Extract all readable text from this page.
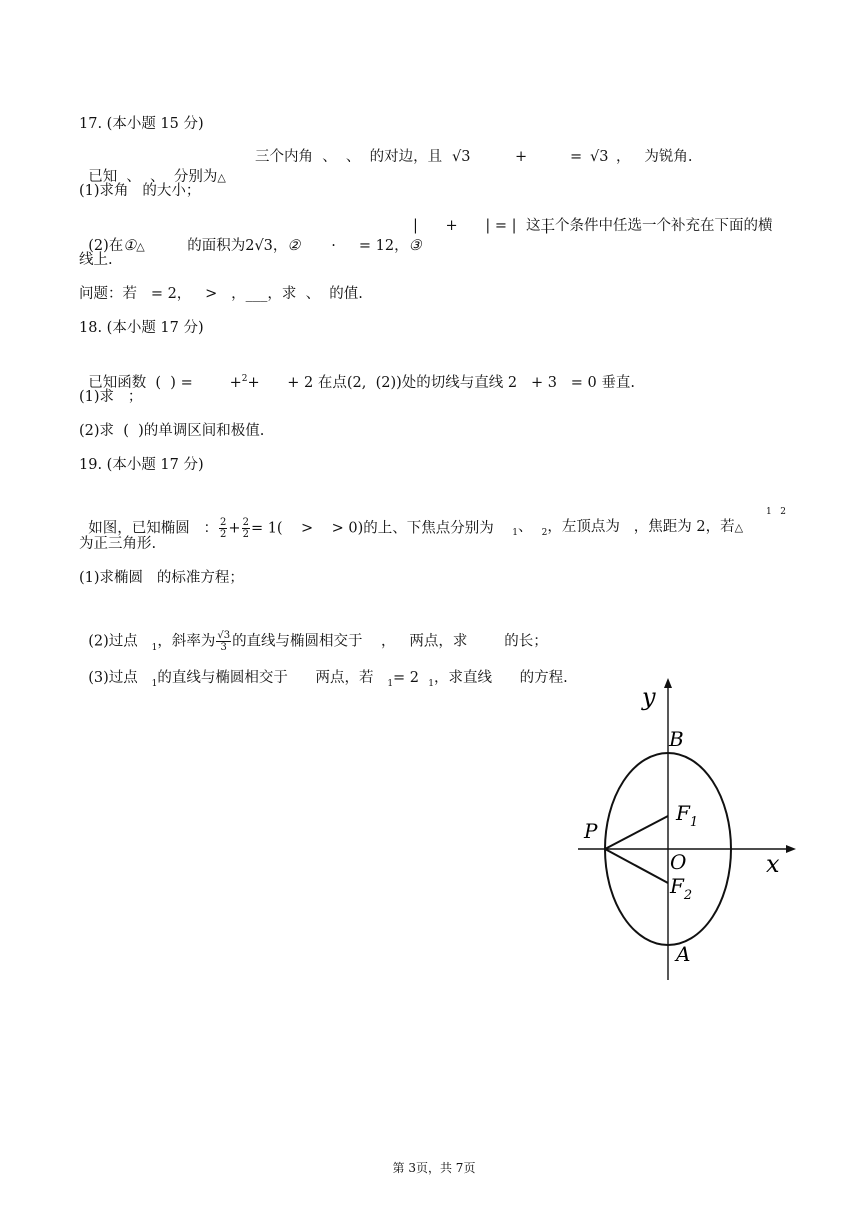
17. (本小题 15 分)

已知  、  、  分别为△

三个内角  、  、  的对边，且 √3	+	= √3 ，   为锐角.
(1)求角   的大小；

(2)在①△	的面积为2√3，②	·     = 12，③

|      +      | = |      |
这三个条件中任选一个补充在下面的横
线上.
问题：若   = 2，   >   ，___，求  、  的值.
18. (本小题 17 分)

已知函数  (  ) =        +$^2$+      + 2 在点(2,  (2))处的切线与直线 2   + 3   = 0 垂直.

(1)求   ；
(2)求  (  )的单调区间和极值.
19. (本小题 17 分)

如图，已知椭圆   ： $\frac{2}{2} + \frac{2}{2} = 1$(    >    > 0)的上、下焦点分别为	$_1$、 $_2$，左顶点为   ，焦距为 2，若△

1   2
为正三角形.
(1)求椭圆   的标准方程；

(2)过点 $_1$，斜率为 $\frac{√3}{3}$ 的直线与椭圆相交于    ，   两点，求        的长；

(3)过点 $_1$的直线与椭圆相交于      两点，若 $_1$= 2 $_1$，求直线      的方程.

y
x
B
$F_1$
P
O
$F_2$
A
第 3页，共 7页
